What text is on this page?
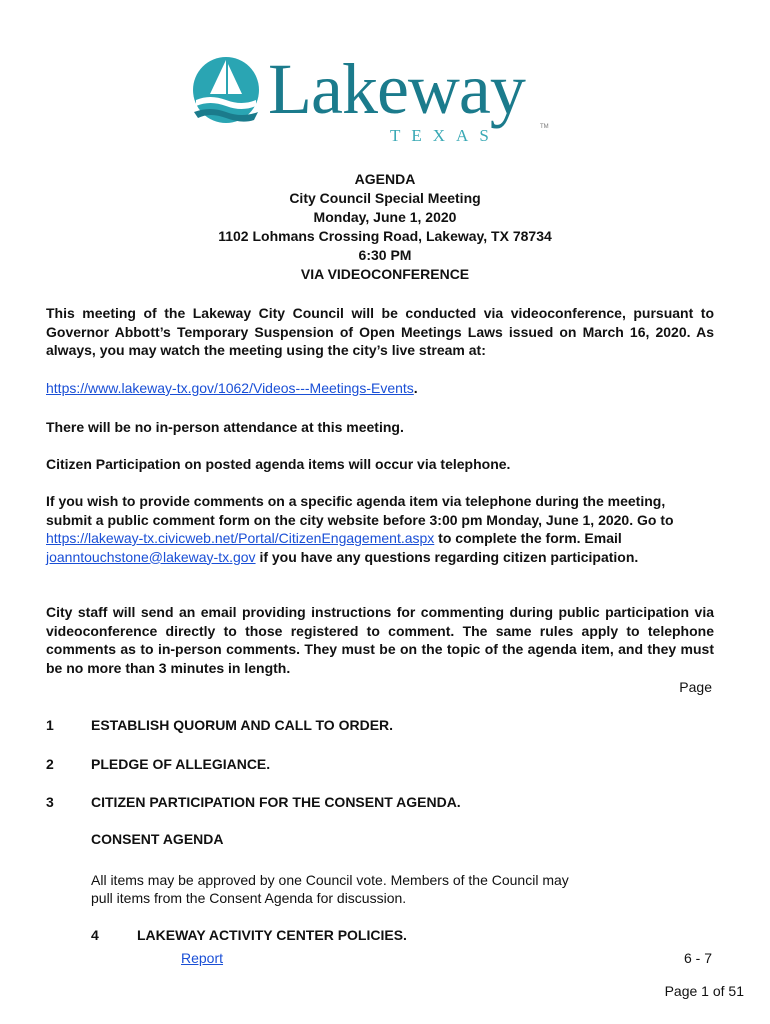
Lakeway
TEXAS	TM
AGENDA
City Council Special Meeting
Monday, June 1, 2020
1102 Lohmans Crossing Road, Lakeway, TX 78734
6:30 PM
VIA VIDEOCONFERENCE
This meeting of the Lakeway City Council will be conducted via videoconference, pursuant to Governor Abbott’s Temporary Suspension of Open Meetings Laws issued on March 16, 2020. As always, you may watch the meeting using the city’s live stream at:
https://www.lakeway-tx.gov/1062/Videos---Meetings-Events.
There will be no in-person attendance at this meeting.
Citizen Participation on posted agenda items will occur via telephone.
If you wish to provide comments on a specific agenda item via telephone during the meeting, submit a public comment form on the city website before 3:00 pm Monday, June 1, 2020. Go to https://lakeway-tx.civicweb.net/Portal/CitizenEngagement.aspx to complete the form. Email joanntouchstone@lakeway-tx.gov if you have any questions regarding citizen participation.
City staff will send an email providing instructions for commenting during public participation via videoconference directly to those registered to comment. The same rules apply to telephone comments as to in-person comments. They must be on the topic of the agenda item, and they must be no more than 3 minutes in length.
Page
1	ESTABLISH QUORUM AND CALL TO ORDER.
2	PLEDGE OF ALLEGIANCE.
3	CITIZEN PARTICIPATION FOR THE CONSENT AGENDA.
CONSENT AGENDA
All items may be approved by one Council vote. Members of the Council may
pull items from the Consent Agenda for discussion.
4	LAKEWAY ACTIVITY CENTER POLICIES.
Report	6 - 7
Page 1 of 51
